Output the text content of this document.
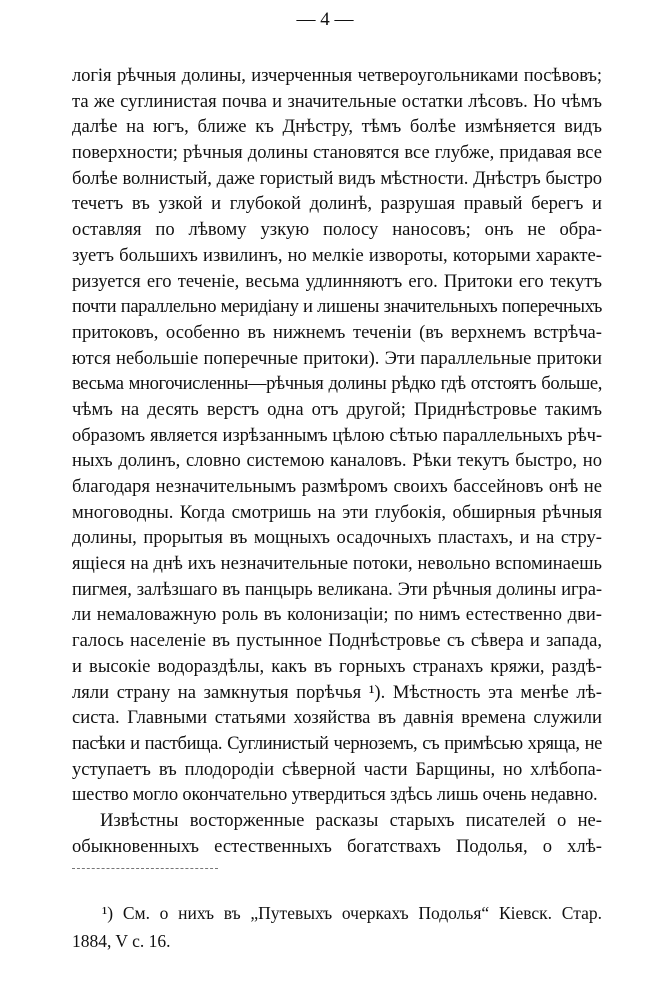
— 4 —
логія рѣчныя долины, изчерченныя четвероугольниками посѣвовъ;
та же суглинистая почва и значительные остатки лѣсовъ. Но чѣмъ
далѣе на югъ, ближе къ Днѣстру, тѣмъ болѣе измѣняется видъ
поверхности; рѣчныя долины становятся все глубже, придавая все
болѣе волнистый, даже гористый видъ мѣстности. Днѣстръ быстро
течетъ въ узкой и глубокой долинѣ, разрушая правый берегъ и
оставляя по лѣвому узкую полосу наносовъ; онъ не обра-
зуетъ большихъ извилинъ, но мелкіе извороты, которыми характе-
ризуется его теченіе, весьма удлинняютъ его. Притоки его текутъ
почти параллельно меридіану и лишены значительныхъ поперечныхъ
притоковъ, особенно въ нижнемъ теченіи (въ верхнемъ встрѣча-
ются небольшіе поперечные притоки). Эти параллельные притоки
весьма многочисленны—рѣчныя долины рѣдко гдѣ отстоятъ больше,
чѣмъ на десять верстъ одна отъ другой; Приднѣстровье такимъ
образомъ является изрѣзаннымъ цѣлою сѣтью параллельныхъ рѣч-
ныхъ долинъ, словно системою каналовъ. Рѣки текутъ быстро, но
благодаря незначительнымъ размѣромъ своихъ бассейновъ онѣ не
многоводны. Когда смотришь на эти глубокія, обширныя рѣчныя
долины, прорытыя въ мощныхъ осадочныхъ пластахъ, и на стру-
ящіеся на днѣ ихъ незначительные потоки, невольно вспоминаешь
пигмея, залѣзшаго въ панцырь великана. Эти рѣчныя долины игра-
ли немаловажную роль въ колонизаціи; по нимъ естественно дви-
галось населеніе въ пустынное Поднѣстровье съ сѣвера и запада,
и высокіе водораздѣлы, какъ въ горныхъ странахъ кряжи, раздѣ-
ляли страну на замкнутыя порѣчья ¹). Мѣстность эта менѣе лѣ-
систа. Главными статьями хозяйства въ давнія времена служили
пасѣки и пастбища. Суглинистый черноземъ, съ примѣсью хряща, не
уступаетъ въ плодородіи сѣверной части Барщины, но хлѣбопа-
шество могло окончательно утвердиться здѣсь лишь очень недавно.
Извѣстны восторженные расказы старыхъ писателей о не-
обыкновенныхъ естественныхъ богатствахъ Подолья, о хлѣ-
¹) См. о нихъ въ „Путевыхъ очеркахъ Подолья“ Кіевск. Стар.
1884, V с. 16.
